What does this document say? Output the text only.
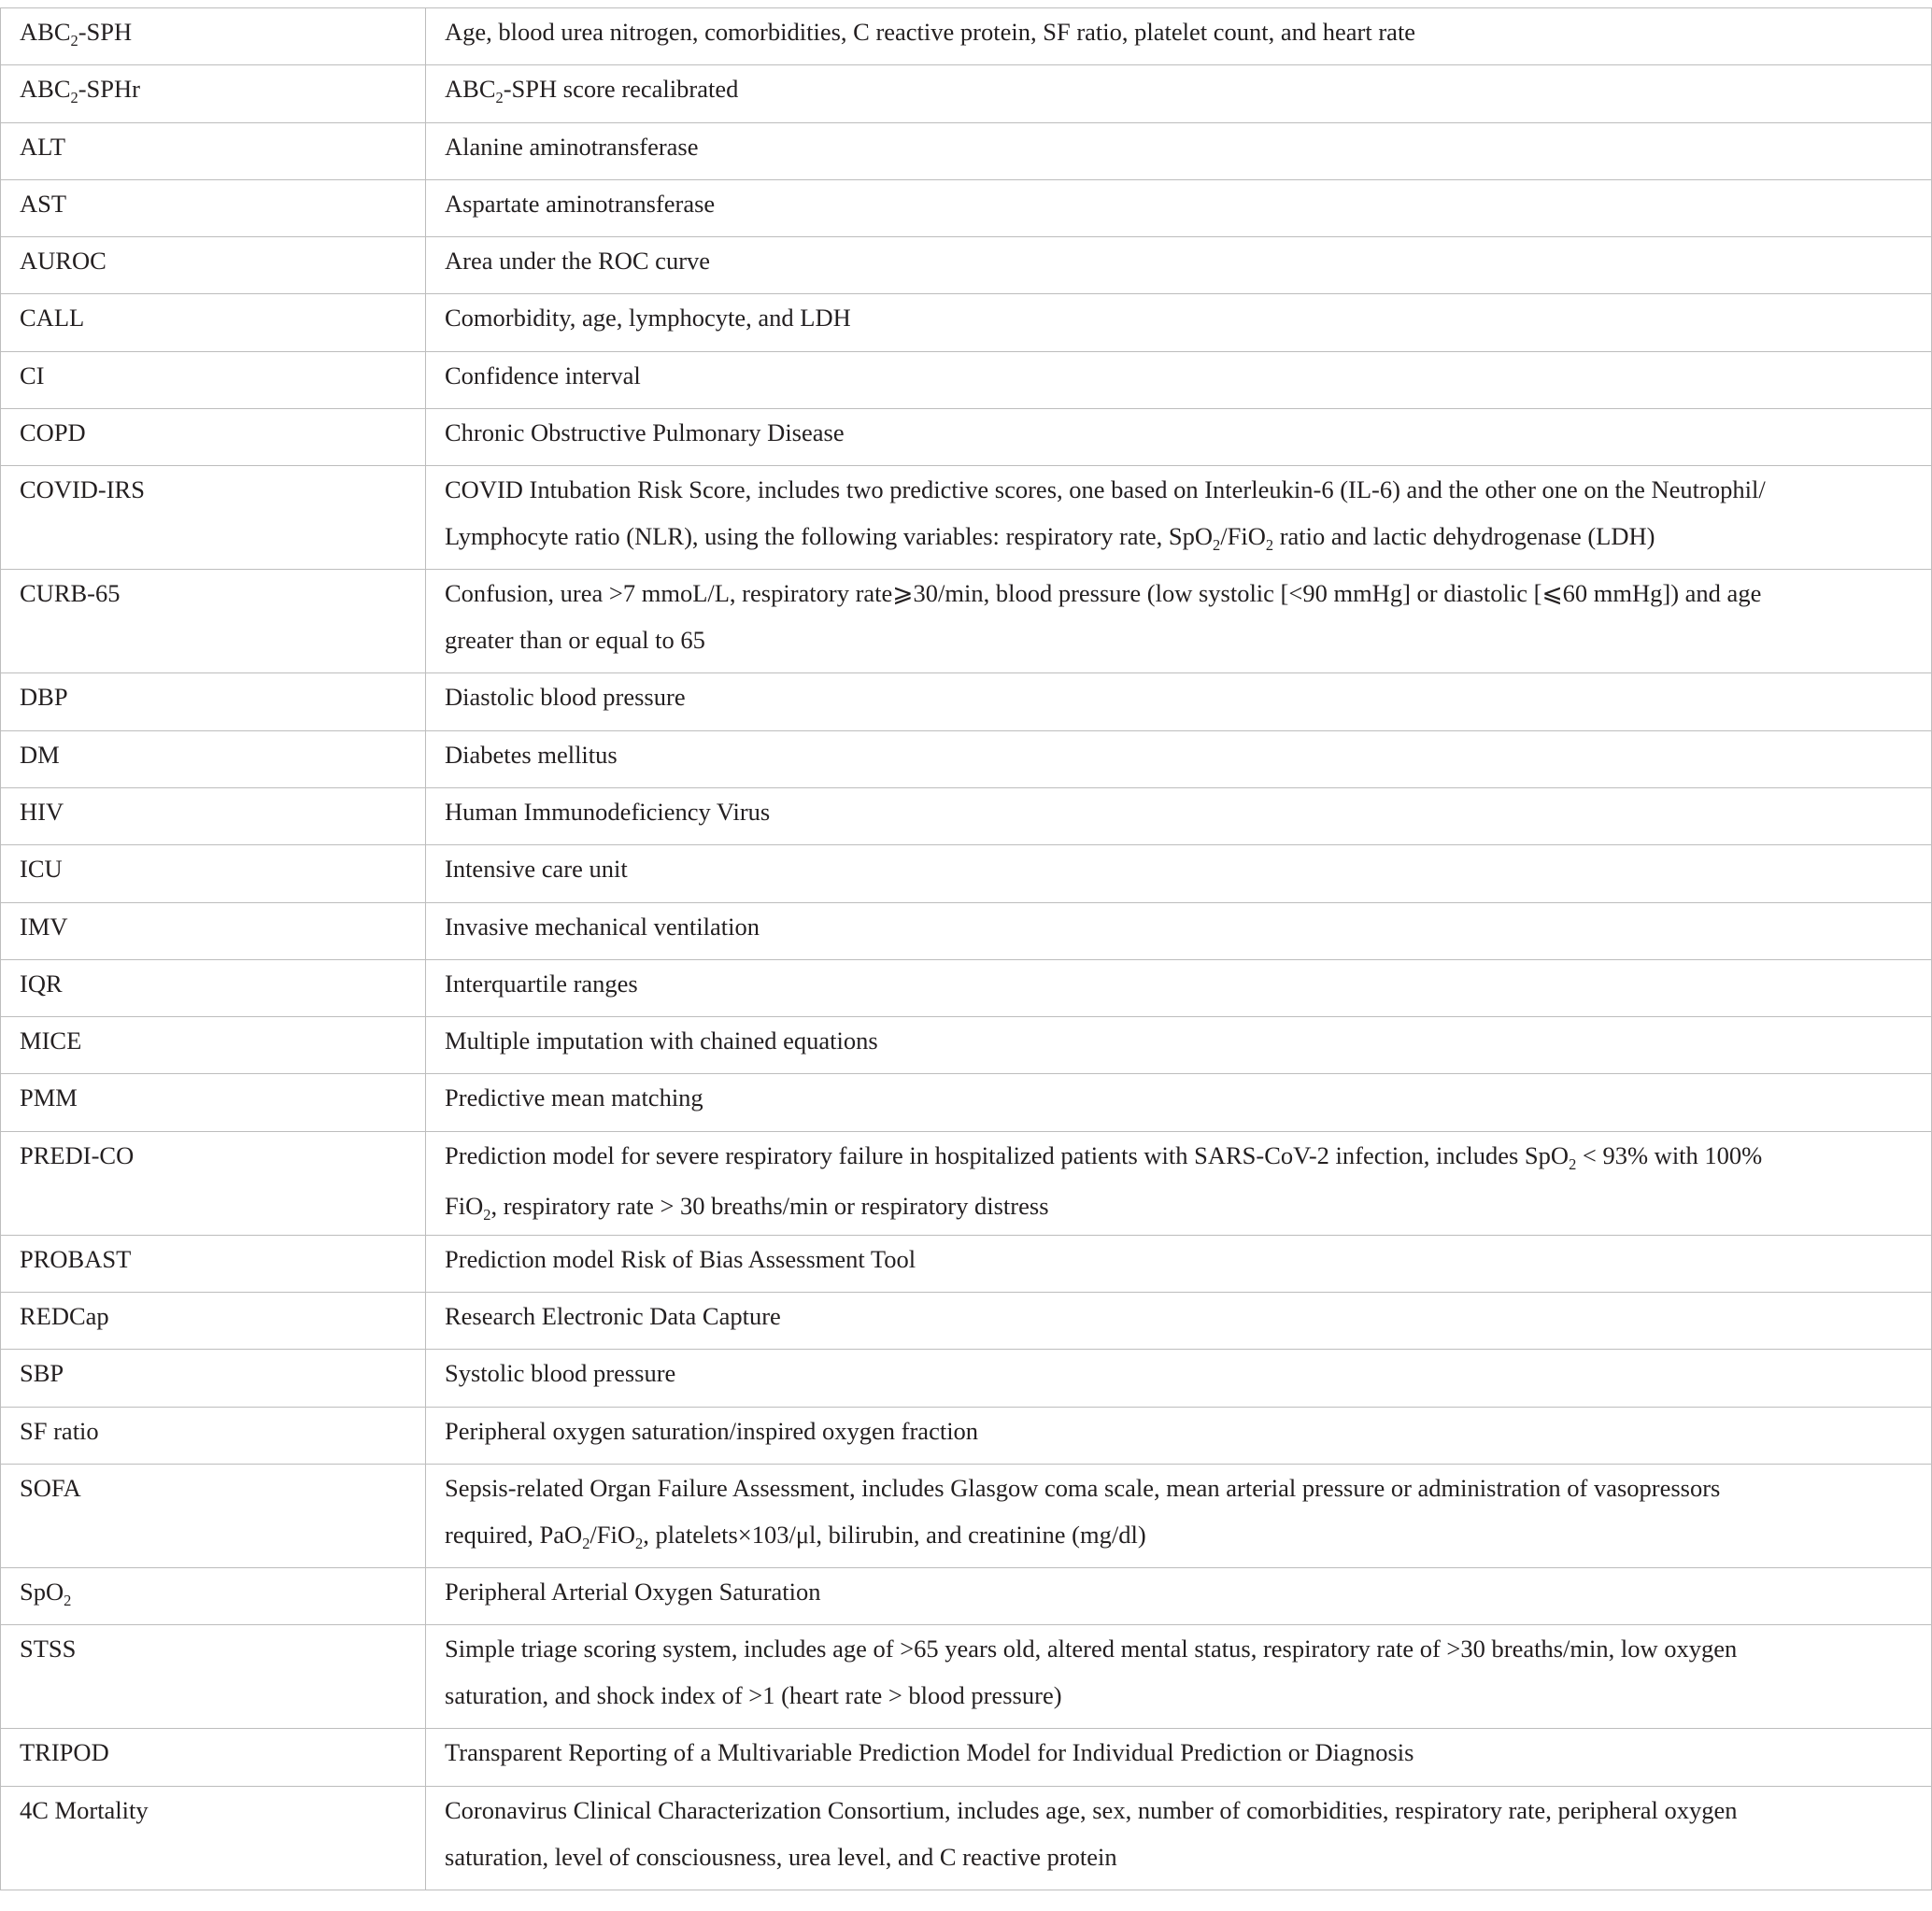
$ABC_2$-SPH	Age, blood urea nitrogen, comorbidities, C reactive protein, SF ratio, platelet count, and heart rate

$ABC_2$-SPHr	$ABC_2$-SPH score recalibrated

ALT	Alanine aminotransferase

AST	Aspartate aminotransferase

AUROC	Area under the ROC curve

CALL	Comorbidity, age, lymphocyte, and LDH

CI	Confidence interval

COPD	Chronic Obstructive Pulmonary Disease

COVID-IRS	COVID Intubation Risk Score, includes two predictive scores, one based on Interleukin-6 (IL-6) and the other one on the Neutrophil/
Lymphocyte ratio (NLR), using the following variables: respiratory rate, SpO$_2$/FiO$_2$ ratio and lactic dehydrogenase (LDH)

CURB-65	Confusion, urea >7 mmoL/L, respiratory rate⩾30/min, blood pressure (low systolic [<90 mmHg] or diastolic [⩽60 mmHg]) and age
greater than or equal to 65

DBP	Diastolic blood pressure

DM	Diabetes mellitus

HIV	Human Immunodeficiency Virus

ICU	Intensive care unit

IMV	Invasive mechanical ventilation

IQR	Interquartile ranges

MICE	Multiple imputation with chained equations

PMM	Predictive mean matching

PREDI-CO	Prediction model for severe respiratory failure in hospitalized patients with SARS-CoV-2 infection, includes SpO$_2$ < 93% with 100%
FiO$_2$, respiratory rate > 30 breaths/min or respiratory distress

PROBAST	Prediction model Risk of Bias Assessment Tool

REDCap	Research Electronic Data Capture

SBP	Systolic blood pressure

SF ratio	Peripheral oxygen saturation/inspired oxygen fraction

SOFA	Sepsis-related Organ Failure Assessment, includes Glasgow coma scale, mean arterial pressure or administration of vasopressors
required, PaO$_2$/FiO$_2$, platelets×103/μl, bilirubin, and creatinine (mg/dl)

SpO$_2$	Peripheral Arterial Oxygen Saturation

STSS	Simple triage scoring system, includes age of >65 years old, altered mental status, respiratory rate of >30 breaths/min, low oxygen
saturation, and shock index of >1 (heart rate > blood pressure)

TRIPOD	Transparent Reporting of a Multivariable Prediction Model for Individual Prediction or Diagnosis

4C Mortality	Coronavirus Clinical Characterization Consortium, includes age, sex, number of comorbidities, respiratory rate, peripheral oxygen
saturation, level of consciousness, urea level, and C reactive protein
